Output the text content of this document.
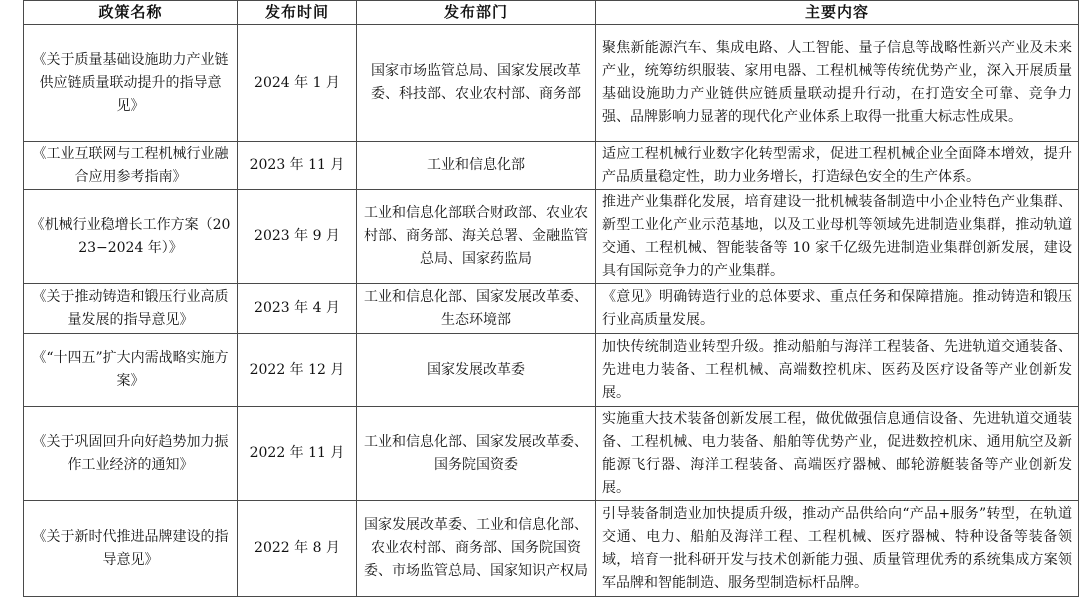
政策名称	发布时间	发布部门	主要内容
《关于质量基础设施助力产业链供应链质量联动提升的指导意见》	2024 年 1 月	国家市场监管总局、国家发展改革委、科技部、农业农村部、商务部	聚焦新能源汽车、集成电路、人工智能、量子信息等战略性新兴产业及未来产业，统筹纺织服装、家用电器、工程机械等传统优势产业，深入开展质量基础设施助力产业链供应链质量联动提升行动，在打造安全可靠、竞争力强、品牌影响力显著的现代化产业体系上取得一批重大标志性成果。
《工业互联网与工程机械行业融合应用参考指南》	2023 年 11 月	工业和信息化部	适应工程机械行业数字化转型需求，促进工程机械企业全面降本增效，提升产品质量稳定性，助力业务增长，打造绿色安全的生产体系。
《机械行业稳增长工作方案（2023−2024 年）》	2023 年 9 月	工业和信息化部联合财政部、农业农村部、商务部、海关总署、金融监管总局、国家药监局	推进产业集群化发展，培育建设一批机械装备制造中小企业特色产业集群、新型工业化产业示范基地，以及工业母机等领域先进制造业集群，推动轨道交通、工程机械、智能装备等 10 家千亿级先进制造业集群创新发展，建设具有国际竞争力的产业集群。
《关于推动铸造和锻压行业高质量发展的指导意见》	2023 年 4 月	工业和信息化部、国家发展改革委、生态环境部	《意见》明确铸造行业的总体要求、重点任务和保障措施。推动铸造和锻压行业高质量发展。
《“十四五”扩大内需战略实施方案》	2022 年 12 月	国家发展改革委	加快传统制造业转型升级。推动船舶与海洋工程装备、先进轨道交通装备、先进电力装备、工程机械、高端数控机床、医药及医疗设备等产业创新发展。
《关于巩固回升向好趋势加力振作工业经济的通知》	2022 年 11 月	工业和信息化部、国家发展改革委、国务院国资委	实施重大技术装备创新发展工程，做优做强信息通信设备、先进轨道交通装备、工程机械、电力装备、船舶等优势产业，促进数控机床、通用航空及新能源飞行器、海洋工程装备、高端医疗器械、邮轮游艇装备等产业创新发展。
《关于新时代推进品牌建设的指导意见》	2022 年 8 月	国家发展改革委、工业和信息化部、农业农村部、商务部、国务院国资委、市场监管总局、国家知识产权局	引导装备制造业加快提质升级，推动产品供给向“产品+服务”转型，在轨道交通、电力、船舶及海洋工程、工程机械、医疗器械、特种设备等装备领域，培育一批科研开发与技术创新能力强、质量管理优秀的系统集成方案领军品牌和智能制造、服务型制造标杆品牌。
